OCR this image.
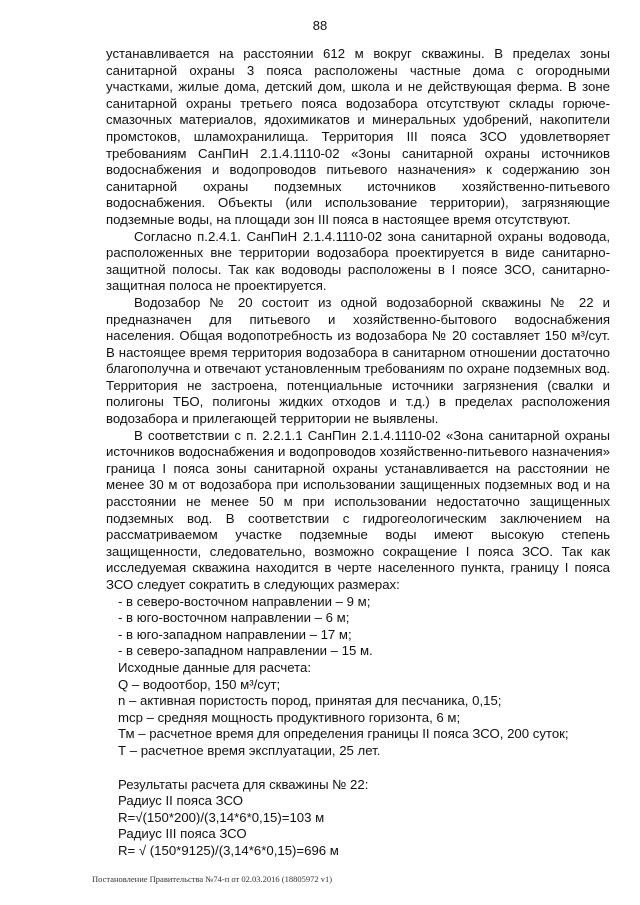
88

устанавливается на расстоянии 612 м вокруг скважины. В пределах зоны санитарной охраны 3 пояса расположены частные дома с огородными участками, жилые дома, детский дом, школа и не действующая ферма. В зоне санитарной охраны третьего пояса водозабора отсутствуют склады горюче-смазочных материалов, ядохимикатов и минеральных удобрений, накопители промстоков, шламохранилища. Территория III пояса ЗСО удовлетворяет требованиям СанПиН 2.1.4.1110-02 «Зоны санитарной охраны источников водоснабжения и водопроводов питьевого назначения» к содержанию зон санитарной охраны подземных источников хозяйственно-питьевого водоснабжения. Объекты (или использование территории), загрязняющие подземные воды, на площади зон III пояса в настоящее время отсутствуют.

Согласно п.2.4.1. СанПиН 2.1.4.1110-02 зона санитарной охраны водовода, расположенных вне территории водозабора проектируется в виде санитарно-защитной полосы. Так как водоводы расположены в I поясе ЗСО, санитарно-защитная полоса не проектируется.

Водозабор № 20 состоит из одной водозаборной скважины № 22 и предназначен для питьевого и хозяйственно-бытового водоснабжения населения. Общая водопотребность из водозабора № 20 составляет 150 м³/сут. В настоящее время территория водозабора в санитарном отношении достаточно благополучна и отвечают установленным требованиям по охране подземных вод. Территория не застроена, потенциальные источники загрязнения (свалки и полигоны ТБО, полигоны жидких отходов и т.д.) в пределах расположения водозабора и прилегающей территории не выявлены.

В соответствии с п. 2.2.1.1 СанПин 2.1.4.1110-02 «Зона санитарной охраны источников водоснабжения и водопроводов хозяйственно-питьевого назначения» граница I пояса зоны санитарной охраны устанавливается на расстоянии не менее 30 м от водозабора при использовании защищенных подземных вод и на расстоянии не менее 50 м при использовании недостаточно защищенных подземных вод. В соответствии с гидрогеологическим заключением на рассматриваемом участке подземные воды имеют высокую степень защищенности, следовательно, возможно сокращение I пояса ЗСО. Так как исследуемая скважина находится в черте населенного пункта, границу I пояса ЗСО следует сократить в следующих размерах:

- в северо-восточном направлении – 9 м;

- в юго-восточном направлении – 6 м;

- в юго-западном направлении – 17 м;

- в северо-западном направлении – 15 м.

Исходные данные для расчета:

Q – водоотбор, 150 м³/сут;

n – активная пористость пород, принятая для песчаника, 0,15;

mср – средняя мощность продуктивного горизонта, 6 м;

Тм – расчетное время для определения границы II пояса ЗСО, 200 суток;

Т – расчетное время эксплуатации, 25 лет.

Результаты расчета для скважины № 22:

Радиус II пояса ЗСО

R=√(150*200)/(3,14*6*0,15)=103 м

Радиус III пояса ЗСО

R= √ (150*9125)/(3,14*6*0,15)=696 м

Постановление Правительства №74-п от 02.03.2016 (18805972 v1)
